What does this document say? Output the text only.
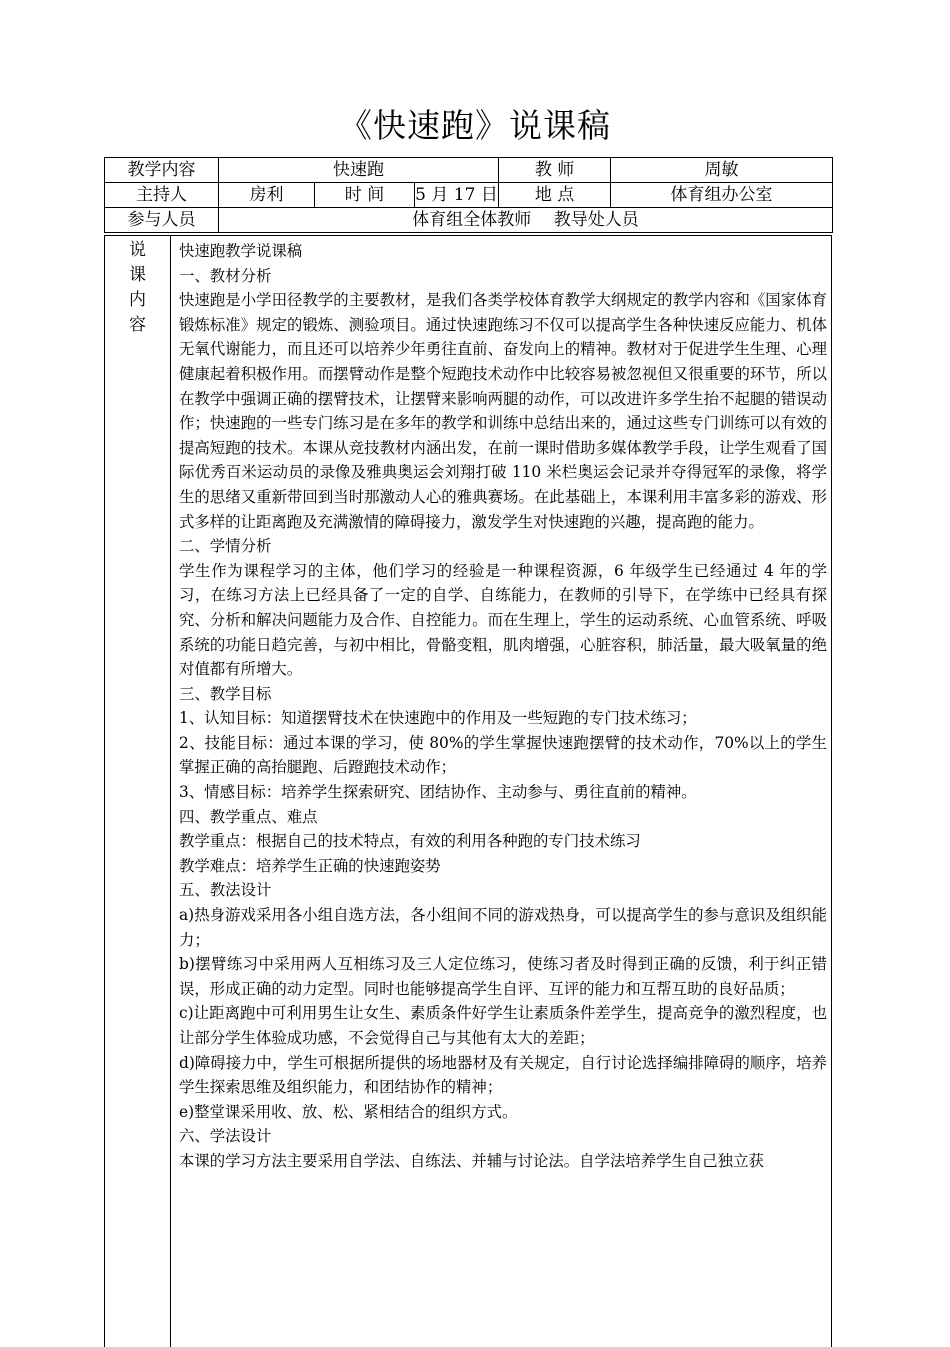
《快速跑》说课稿
教学内容	快速跑			教 师	周敏
主持人	房利	时 间	5 月 17 日	地 点	体育组办公室
参与人员	体育组全体教师　 教导处人员				
说
课
内
容

快速跑教学说课稿

一、教材分析

快速跑是小学田径教学的主要教材，是我们各类学校体育教学大纲规定的教学内容和《国家体育锻炼标准》规定的锻炼、测验项目。通过快速跑练习不仅可以提高学生各种快速反应能力、机体无氧代谢能力，而且还可以培养少年勇往直前、奋发向上的精神。教材对于促进学生生理、心理健康起着积极作用。而摆臂动作是整个短跑技术动作中比较容易被忽视但又很重要的环节，所以在教学中强调正确的摆臂技术，让摆臂来影响两腿的动作，可以改进许多学生抬不起腿的错误动作；快速跑的一些专门练习是在多年的教学和训练中总结出来的，通过这些专门训练可以有效的提高短跑的技术。本课从竞技教材内涵出发，在前一课时借助多媒体教学手段，让学生观看了国际优秀百米运动员的录像及雅典奥运会刘翔打破 110 米栏奥运会记录并夺得冠军的录像，将学生的思绪又重新带回到当时那激动人心的雅典赛场。在此基础上，本课利用丰富多彩的游戏、形式多样的让距离跑及充满激情的障碍接力，激发学生对快速跑的兴趣，提高跑的能力。

二、学情分析

学生作为课程学习的主体，他们学习的经验是一种课程资源，6 年级学生已经通过 4 年的学习，在练习方法上已经具备了一定的自学、自练能力，在教师的引导下，在学练中已经具有探究、分析和解决问题能力及合作、自控能力。而在生理上，学生的运动系统、心血管系统、呼吸系统的功能日趋完善，与初中相比，骨骼变粗，肌肉增强，心脏容积，肺活量，最大吸氧量的绝对值都有所增大。

三、教学目标

1、认知目标：知道摆臂技术在快速跑中的作用及一些短跑的专门技术练习；

2、技能目标：通过本课的学习，使 80%的学生掌握快速跑摆臂的技术动作，70%以上的学生掌握正确的高抬腿跑、后蹬跑技术动作；

3、情感目标：培养学生探索研究、团结协作、主动参与、勇往直前的精神。

四、教学重点、难点

教学重点：根据自己的技术特点，有效的利用各种跑的专门技术练习

教学难点：培养学生正确的快速跑姿势

五、教法设计

a)热身游戏采用各小组自选方法，各小组间不同的游戏热身，可以提高学生的参与意识及组织能力；

b)摆臂练习中采用两人互相练习及三人定位练习，使练习者及时得到正确的反馈，利于纠正错误，形成正确的动力定型。同时也能够提高学生自评、互评的能力和互帮互助的良好品质；

c)让距离跑中可利用男生让女生、素质条件好学生让素质条件差学生，提高竞争的激烈程度，也让部分学生体验成功感，不会觉得自己与其他有太大的差距；

d)障碍接力中，学生可根据所提供的场地器材及有关规定，自行讨论选择编排障碍的顺序，培养学生探索思维及组织能力，和团结协作的精神；

e)整堂课采用收、放、松、紧相结合的组织方式。

六、学法设计

本课的学习方法主要采用自学法、自练法、并辅与讨论法。自学法培养学生自己独立获
